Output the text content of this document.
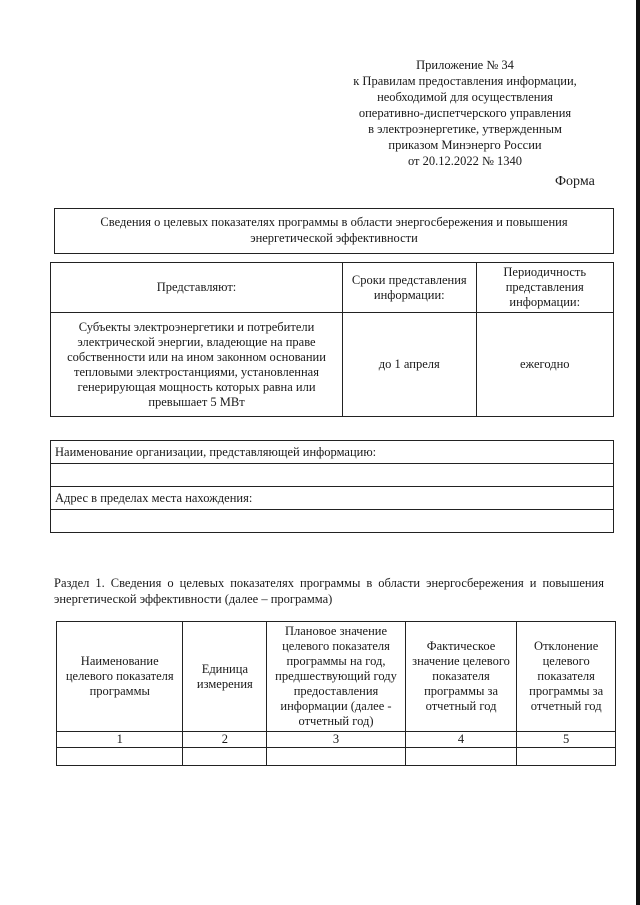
Приложение № 34
к Правилам предоставления информации,
необходимой для осуществления
оперативно-диспетчерского управления
в электроэнергетике, утвержденным
приказом Минэнерго России
от 20.12.2022 № 1340
Форма
Сведения о целевых показателях программы в области энергосбережения и повышения
энергетической эффективности
Представляют:	Сроки представления информации:	Периодичность представления информации:
Субъекты электроэнергетики и потребители электрической энергии, владеющие на праве собственности или на ином законном основании тепловыми электростанциями, установленная генерирующая мощность которых равна или превышает 5 МВт	до 1 апреля	ежегодно
Наименование организации, представляющей информацию:

Адрес в пределах места нахождения:

Раздел 1. Сведения о целевых показателях программы в области энергосбережения и повышения энергетической эффективности (далее – программа)
Наименование целевого показателя программы	Единица измерения	Плановое значение целевого показателя программы на год, предшествующий году предоставления информации (далее - отчетный год)	Фактическое значение целевого показателя программы за отчетный год	Отклонение целевого показателя программы за отчетный год
1	2	3	4	5
